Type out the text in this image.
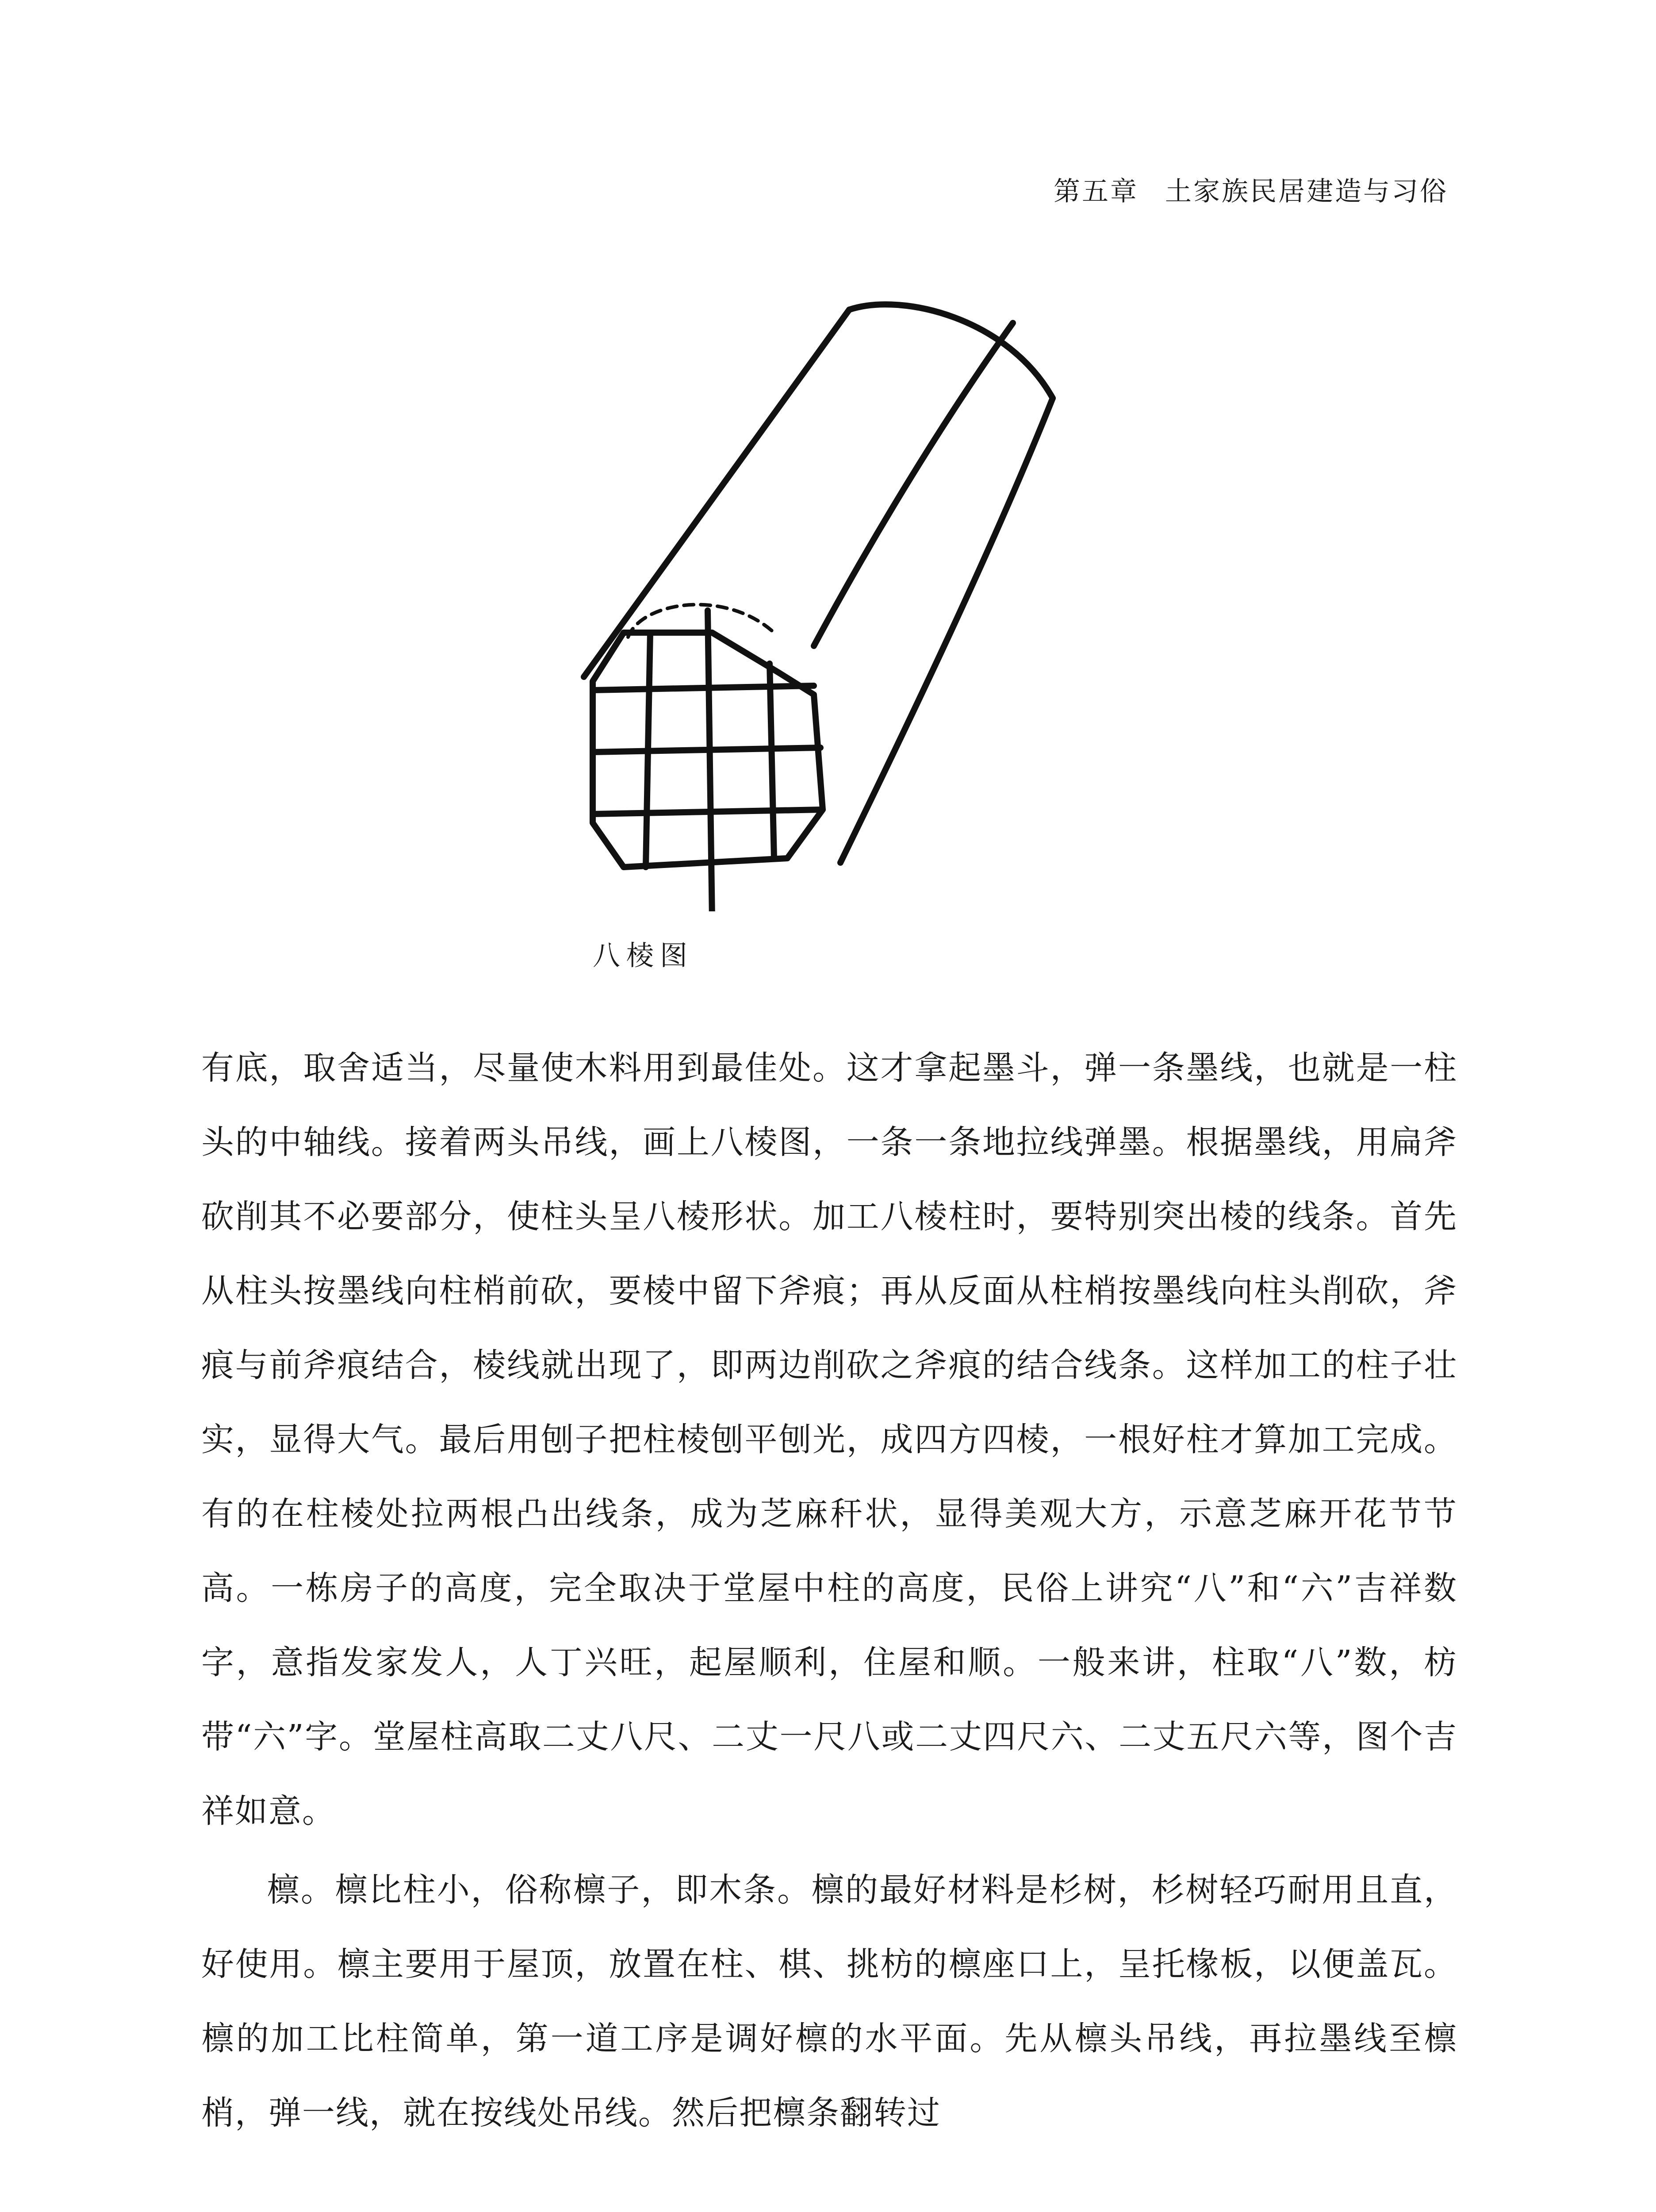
第五章 土家族民居建造与习俗
八棱图

有底，取舍适当，尽量使木料用到最佳处。这才拿起墨斗，弹一条墨线，也就是一柱头的中轴线。接着两头吊线，画上八棱图，一条一条地拉线弹墨。根据墨线，用扁斧砍削其不必要部分，使柱头呈八棱形状。加工八棱柱时，要特别突出棱的线条。首先从柱头按墨线向柱梢前砍，要棱中留下斧痕；再从反面从柱梢按墨线向柱头削砍，斧痕与前斧痕结合，棱线就出现了，即两边削砍之斧痕的结合线条。这样加工的柱子壮实，显得大气。最后用刨子把柱棱刨平刨光，成四方四棱，一根好柱才算加工完成。有的在柱棱处拉两根凸出线条，成为芝麻秆状，显得美观大方，示意芝麻开花节节高。一栋房子的高度，完全取决于堂屋中柱的高度，民俗上讲究“八”和“六”吉祥数字，意指发家发人，人丁兴旺，起屋顺利，住屋和顺。一般来讲，柱取“八”数，枋带“六”字。堂屋柱高取二丈八尺、二丈一尺八或二丈四尺六、二丈五尺六等，图个吉祥如意。

檩。檩比柱小，俗称檩子，即木条。檩的最好材料是杉树，杉树轻巧耐用且直，好使用。檩主要用于屋顶，放置在柱、棋、挑枋的檩座口上，呈托椽板，以便盖瓦。檩的加工比柱简单，第一道工序是调好檩的水平面。先从檩头吊线，再拉墨线至檩梢，弹一线，就在按线处吊线。然后把檩条翻转过
